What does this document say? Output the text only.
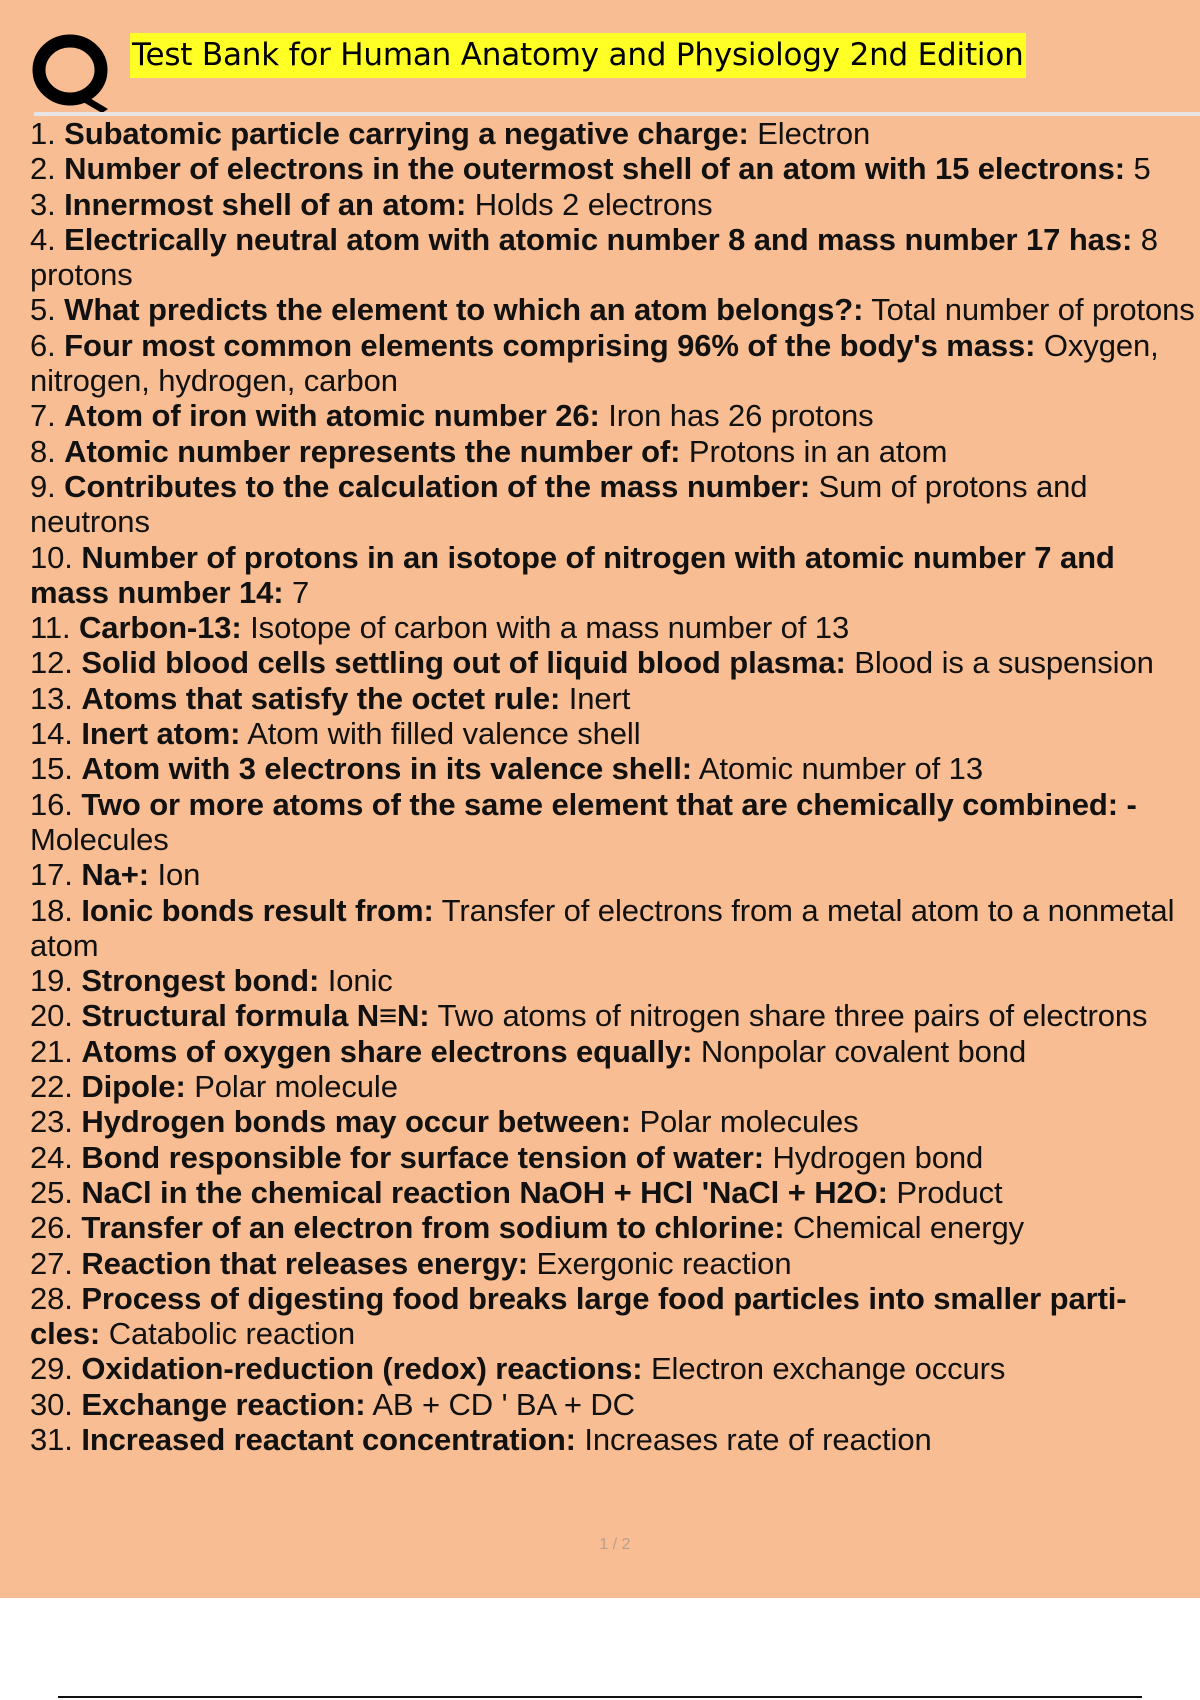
Test Bank for Human Anatomy and Physiology 2nd Edition
1. Subatomic particle carrying a negative charge: Electron
2. Number of electrons in the outermost shell of an atom with 15 electrons: 5
3. Innermost shell of an atom: Holds 2 electrons
4. Electrically neutral atom with atomic number 8 and mass number 17 has: 8 protons
5. What predicts the element to which an atom belongs?: Total number of protons
6. Four most common elements comprising 96% of the body's mass: Oxygen, nitrogen, hydrogen, carbon
7. Atom of iron with atomic number 26: Iron has 26 protons
8. Atomic number represents the number of: Protons in an atom
9. Contributes to the calculation of the mass number: Sum of protons and neutrons
10. Number of protons in an isotope of nitrogen with atomic number 7 and mass number 14: 7
11. Carbon-13: Isotope of carbon with a mass number of 13
12. Solid blood cells settling out of liquid blood plasma: Blood is a suspension
13. Atoms that satisfy the octet rule: Inert
14. Inert atom: Atom with filled valence shell
15. Atom with 3 electrons in its valence shell: Atomic number of 13
16. Two or more atoms of the same element that are chemically combined: - Molecules
17. Na+: Ion
18. Ionic bonds result from: Transfer of electrons from a metal atom to a nonmetal atom
19. Strongest bond: Ionic
20. Structural formula N≡N: Two atoms of nitrogen share three pairs of electrons
21. Atoms of oxygen share electrons equally: Nonpolar covalent bond
22. Dipole: Polar molecule
23. Hydrogen bonds may occur between: Polar molecules
24. Bond responsible for surface tension of water: Hydrogen bond
25. NaCl in the chemical reaction NaOH + HCl 'NaCl + H2O: Product
26. Transfer of an electron from sodium to chlorine: Chemical energy
27. Reaction that releases energy: Exergonic reaction
28. Process of digesting food breaks large food particles into smaller parti- cles: Catabolic reaction
29. Oxidation-reduction (redox) reactions: Electron exchange occurs
30. Exchange reaction: AB + CD ' BA + DC
31. Increased reactant concentration: Increases rate of reaction
1 / 2
